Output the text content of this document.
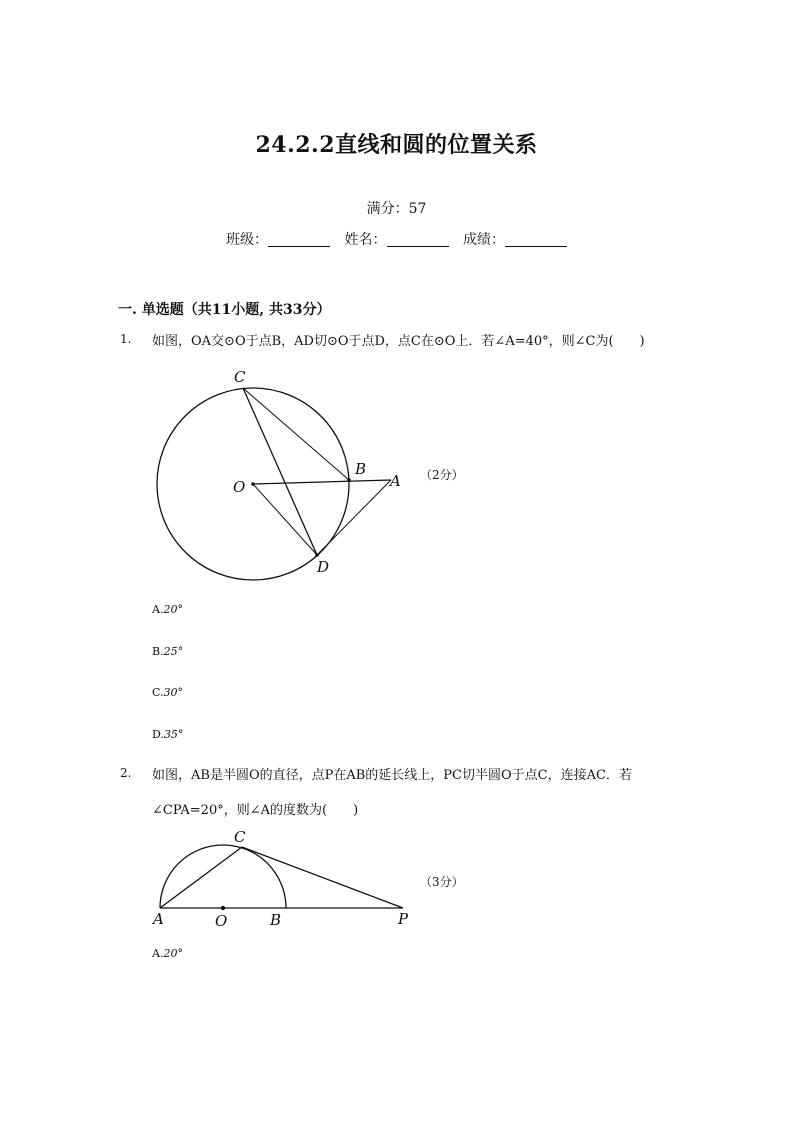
24.2.2直线和圆的位置关系
满分：57
班级：	姓名：	成绩：
一. 单选题（共11小题, 共33分）
1. 如图，OA交⊙O于点B，AD切⊙O于点D，点C在⊙O上．若∠A=40°，则∠C为(　　)
C
O
B
A
D
（2分）
A.20°
B.25°
C.30°
D.35°
2. 如图，AB是半圆O的直径，点P在AB的延长线上，PC切半圆O于点C，连接AC．若
∠CPA=20°，则∠A的度数为(　　)
C
A	O	B	P
（3分）
A.20°
